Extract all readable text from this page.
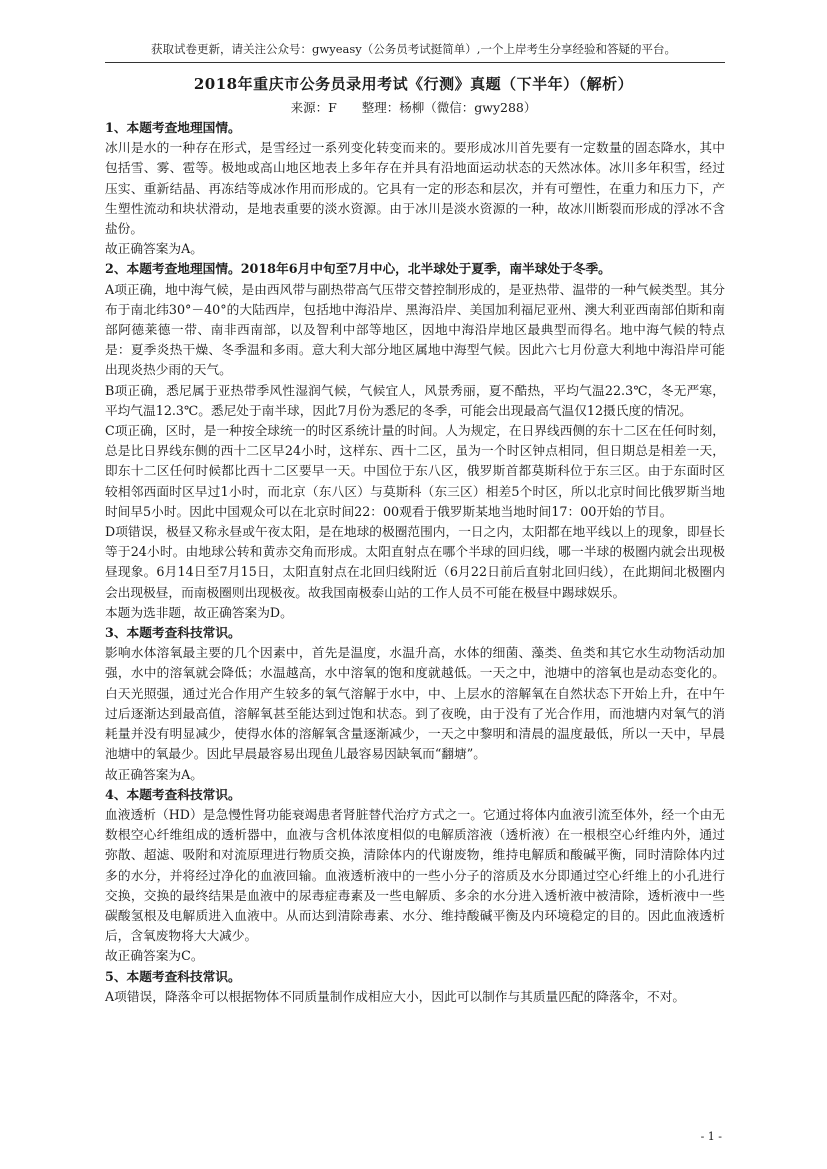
获取试卷更新，请关注公众号：gwyeasy（公务员考试挺简单）,一个上岸考生分享经验和答疑的平台。
2018年重庆市公务员录用考试《行测》真题（下半年）（解析）
来源：F　　整理：杨柳（微信：gwy288）

1、本题考查地理国情。

冰川是水的一种存在形式，是雪经过一系列变化转变而来的。要形成冰川首先要有一定数量的固态降水，其中包括雪、雾、雹等。极地或高山地区地表上多年存在并具有沿地面运动状态的天然冰体。冰川多年积雪，经过压实、重新结晶、再冻结等成冰作用而形成的。它具有一定的形态和层次，并有可塑性，在重力和压力下，产生塑性流动和块状滑动，是地表重要的淡水资源。由于冰川是淡水资源的一种，故冰川断裂而形成的浮冰不含盐份。

故正确答案为A。

2、本题考查地理国情。2018年6月中旬至7月中心，北半球处于夏季，南半球处于冬季。

A项正确，地中海气候，是由西风带与副热带高气压带交替控制形成的，是亚热带、温带的一种气候类型。其分布于南北纬30°－40°的大陆西岸，包括地中海沿岸、黑海沿岸、美国加利福尼亚州、澳大利亚西南部伯斯和南部阿德莱德一带、南非西南部，以及智利中部等地区，因地中海沿岸地区最典型而得名。地中海气候的特点是：夏季炎热干燥、冬季温和多雨。意大利大部分地区属地中海型气候。因此六七月份意大利地中海沿岸可能出现炎热少雨的天气。

B项正确，悉尼属于亚热带季风性湿润气候，气候宜人，风景秀丽，夏不酷热，平均气温22.3℃，冬无严寒，平均气温12.3℃。悉尼处于南半球，因此7月份为悉尼的冬季，可能会出现最高气温仅12摄氏度的情况。

C项正确，区时，是一种按全球统一的时区系统计量的时间。人为规定，在日界线西侧的东十二区在任何时刻，总是比日界线东侧的西十二区早24小时，这样东、西十二区，虽为一个时区钟点相同，但日期总是相差一天，即东十二区任何时候都比西十二区要早一天。中国位于东八区，俄罗斯首都莫斯科位于东三区。由于东面时区较相邻西面时区早过1小时，而北京（东八区）与莫斯科（东三区）相差5个时区，所以北京时间比俄罗斯当地时间早5小时。因此中国观众可以在北京时间22：00观看于俄罗斯某地当地时间17：00开始的节目。

D项错误，极昼又称永昼或午夜太阳，是在地球的极圈范围内，一日之内，太阳都在地平线以上的现象，即昼长等于24小时。由地球公转和黄赤交角而形成。太阳直射点在哪个半球的回归线，哪一半球的极圈内就会出现极昼现象。6月14日至7月15日，太阳直射点在北回归线附近（6月22日前后直射北回归线），在此期间北极圈内会出现极昼，而南极圈则出现极夜。故我国南极泰山站的工作人员不可能在极昼中踢球娱乐。

本题为选非题，故正确答案为D。

3、本题考查科技常识。

影响水体溶氧最主要的几个因素中，首先是温度，水温升高，水体的细菌、藻类、鱼类和其它水生动物活动加强，水中的溶氧就会降低；水温越高，水中溶氧的饱和度就越低。一天之中，池塘中的溶氧也是动态变化的。白天光照强，通过光合作用产生较多的氧气溶解于水中，中、上层水的溶解氧在自然状态下开始上升，在中午过后逐渐达到最高值，溶解氧甚至能达到过饱和状态。到了夜晚，由于没有了光合作用，而池塘内对氧气的消耗量并没有明显减少，使得水体的溶解氧含量逐渐减少，一天之中黎明和清晨的温度最低，所以一天中，早晨池塘中的氧最少。因此早晨最容易出现鱼儿最容易因缺氧而“翻塘”。

故正确答案为A。

4、本题考查科技常识。

血液透析（HD）是急慢性肾功能衰竭患者肾脏替代治疗方式之一。它通过将体内血液引流至体外，经一个由无数根空心纤维组成的透析器中，血液与含机体浓度相似的电解质溶液（透析液）在一根根空心纤维内外，通过弥散、超滤、吸附和对流原理进行物质交换，清除体内的代谢废物，维持电解质和酸碱平衡，同时清除体内过多的水分，并将经过净化的血液回输。血液透析液中的一些小分子的溶质及水分即通过空心纤维上的小孔进行交换，交换的最终结果是血液中的尿毒症毒素及一些电解质、多余的水分进入透析液中被清除，透析液中一些碳酸氢根及电解质进入血液中。从而达到清除毒素、水分、维持酸碱平衡及内环境稳定的目的。因此血液透析后，含氧废物将大大减少。

故正确答案为C。

5、本题考查科技常识。

A项错误，降落伞可以根据物体不同质量制作成相应大小，因此可以制作与其质量匹配的降落伞，不对。

- 1 -
